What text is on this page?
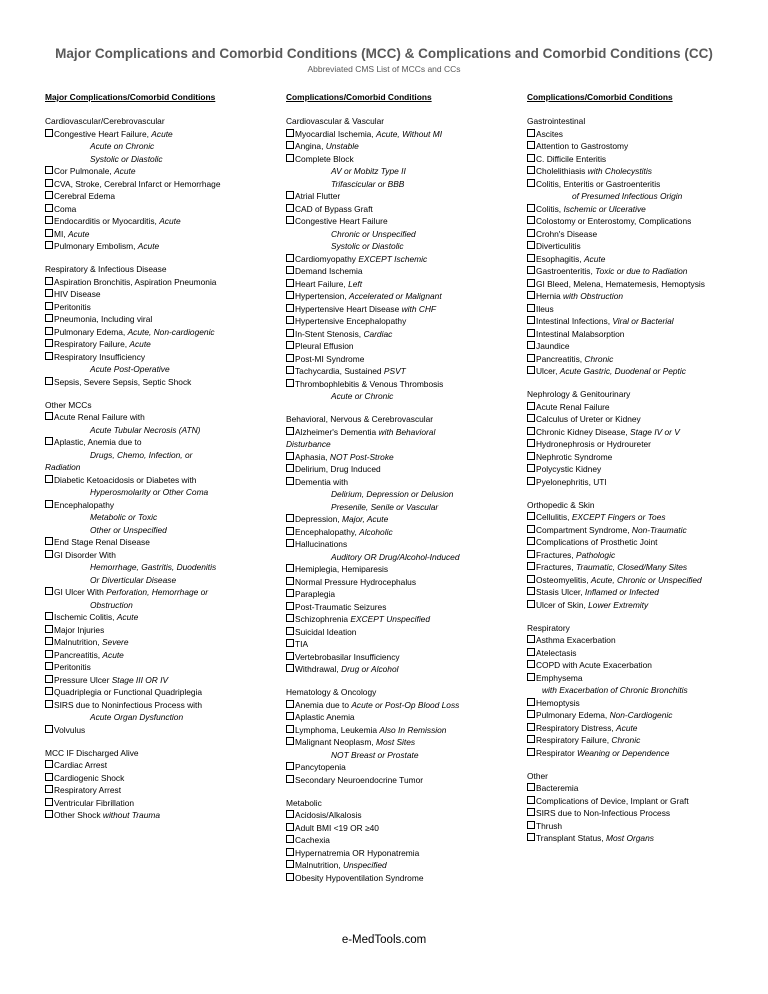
Major Complications and Comorbid Conditions (MCC) & Complications and Comorbid Conditions (CC)
Abbreviated CMS List of MCCs and CCs
Major Complications/Comorbid Conditions
Cardiovascular/Cerebrovascular
Congestive Heart Failure, Acute
Acute on Chronic
Systolic or Diastolic
Cor Pulmonale, Acute
CVA, Stroke, Cerebral Infarct or Hemorrhage
Cerebral Edema
Coma
Endocarditis or Myocarditis, Acute
MI, Acute
Pulmonary Embolism, Acute
Respiratory & Infectious Disease
Aspiration Bronchitis, Aspiration Pneumonia
HIV Disease
Peritonitis
Pneumonia, Including viral
Pulmonary Edema, Acute, Non-cardiogenic
Respiratory Failure, Acute
Respiratory Insufficiency
Acute Post-Operative
Sepsis, Severe Sepsis, Septic Shock
Other MCCs
Acute Renal Failure with
Acute Tubular Necrosis (ATN)
Aplastic, Anemia due to
Drugs, Chemo, Infection, or
Radiation
Diabetic Ketoacidosis or Diabetes with
Hyperosmolarity or Other Coma
Encephalopathy
Metabolic or Toxic
Other or Unspecified
End Stage Renal Disease
GI Disorder With
Hemorrhage, Gastritis, Duodenitis
Or Diverticular Disease
GI Ulcer With Perforation, Hemorrhage or
Obstruction
Ischemic Colitis, Acute
Major Injuries
Malnutrition, Severe
Pancreatitis, Acute
Peritonitis
Pressure Ulcer Stage III OR IV
Quadriplegia or Functional Quadriplegia
SIRS due to Noninfectious Process with
Acute Organ Dysfunction
Volvulus
MCC IF Discharged Alive
Cardiac Arrest
Cardiogenic Shock
Respiratory Arrest
Ventricular Fibrillation
Other Shock without Trauma
Complications/Comorbid Conditions
Cardiovascular & Vascular
Myocardial Ischemia, Acute, Without MI
Angina, Unstable
Complete Block
AV or Mobitz Type II
Trifascicular or BBB
Atrial Flutter
CAD of Bypass Graft
Congestive Heart Failure
Chronic or Unspecified
Systolic or Diastolic
Cardiomyopathy EXCEPT Ischemic
Demand Ischemia
Heart Failure, Left
Hypertension, Accelerated or Malignant
Hypertensive Heart Disease with CHF
Hypertensive Encephalopathy
In-Stent Stenosis, Cardiac
Pleural Effusion
Post-MI Syndrome
Tachycardia, Sustained PSVT
Thrombophlebitis & Venous Thrombosis
Acute or Chronic
Behavioral, Nervous & Cerebrovascular
Alzheimer's Dementia with Behavioral
Disturbance
Aphasia, NOT Post-Stroke
Delirium, Drug Induced
Dementia with
Delirium, Depression or Delusion
Presenile, Senile or Vascular
Depression, Major, Acute
Encephalopathy, Alcoholic
Hallucinations
Auditory OR Drug/Alcohol-Induced
Hemiplegia, Hemiparesis
Normal Pressure Hydrocephalus
Paraplegia
Post-Traumatic Seizures
Schizophrenia EXCEPT Unspecified
Suicidal Ideation
TIA
Vertebrobasilar Insufficiency
Withdrawal, Drug or Alcohol
Hematology & Oncology
Anemia due to Acute or Post-Op Blood Loss
Aplastic Anemia
Lymphoma, Leukemia Also In Remission
Malignant Neoplasm, Most Sites
NOT Breast or Prostate
Pancytopenia
Secondary Neuroendocrine Tumor
Metabolic
Acidosis/Alkalosis
Adult BMI <19 OR ≥40
Cachexia
Hypernatremia OR Hyponatremia
Malnutrition, Unspecified
Obesity Hypoventilation Syndrome
Complications/Comorbid Conditions
Gastrointestinal
Ascites
Attention to Gastrostomy
C. Difficile Enteritis
Cholelithiasis with Cholecystitis
Colitis, Enteritis or Gastroenteritis
of Presumed Infectious Origin
Colitis, Ischemic or Ulcerative
Colostomy or Enterostomy, Complications
Crohn's Disease
Diverticulitis
Esophagitis, Acute
Gastroenteritis, Toxic or due to Radiation
GI Bleed, Melena, Hematemesis, Hemoptysis
Hernia with Obstruction
Ileus
Intestinal Infections, Viral or Bacterial
Intestinal Malabsorption
Jaundice
Pancreatitis, Chronic
Ulcer, Acute Gastric, Duodenal or Peptic
Nephrology & Genitourinary
Acute Renal Failure
Calculus of Ureter or Kidney
Chronic Kidney Disease, Stage IV or V
Hydronephrosis or Hydroureter
Nephrotic Syndrome
Polycystic Kidney
Pyelonephritis, UTI
Orthopedic & Skin
Cellulitis, EXCEPT Fingers or Toes
Compartment Syndrome, Non-Traumatic
Complications of Prosthetic Joint
Fractures, Pathologic
Fractures, Traumatic, Closed/Many Sites
Osteomyelitis, Acute, Chronic or Unspecified
Stasis Ulcer, Inflamed or Infected
Ulcer of Skin, Lower Extremity
Respiratory
Asthma Exacerbation
Atelectasis
COPD with Acute Exacerbation
Emphysema
with Exacerbation of Chronic Bronchitis
Hemoptysis
Pulmonary Edema, Non-Cardiogenic
Respiratory Distress, Acute
Respiratory Failure, Chronic
Respirator Weaning or Dependence
Other
Bacteremia
Complications of Device, Implant or Graft
SIRS due to Non-Infectious Process
Thrush
Transplant Status, Most Organs
e-MedTools.com
